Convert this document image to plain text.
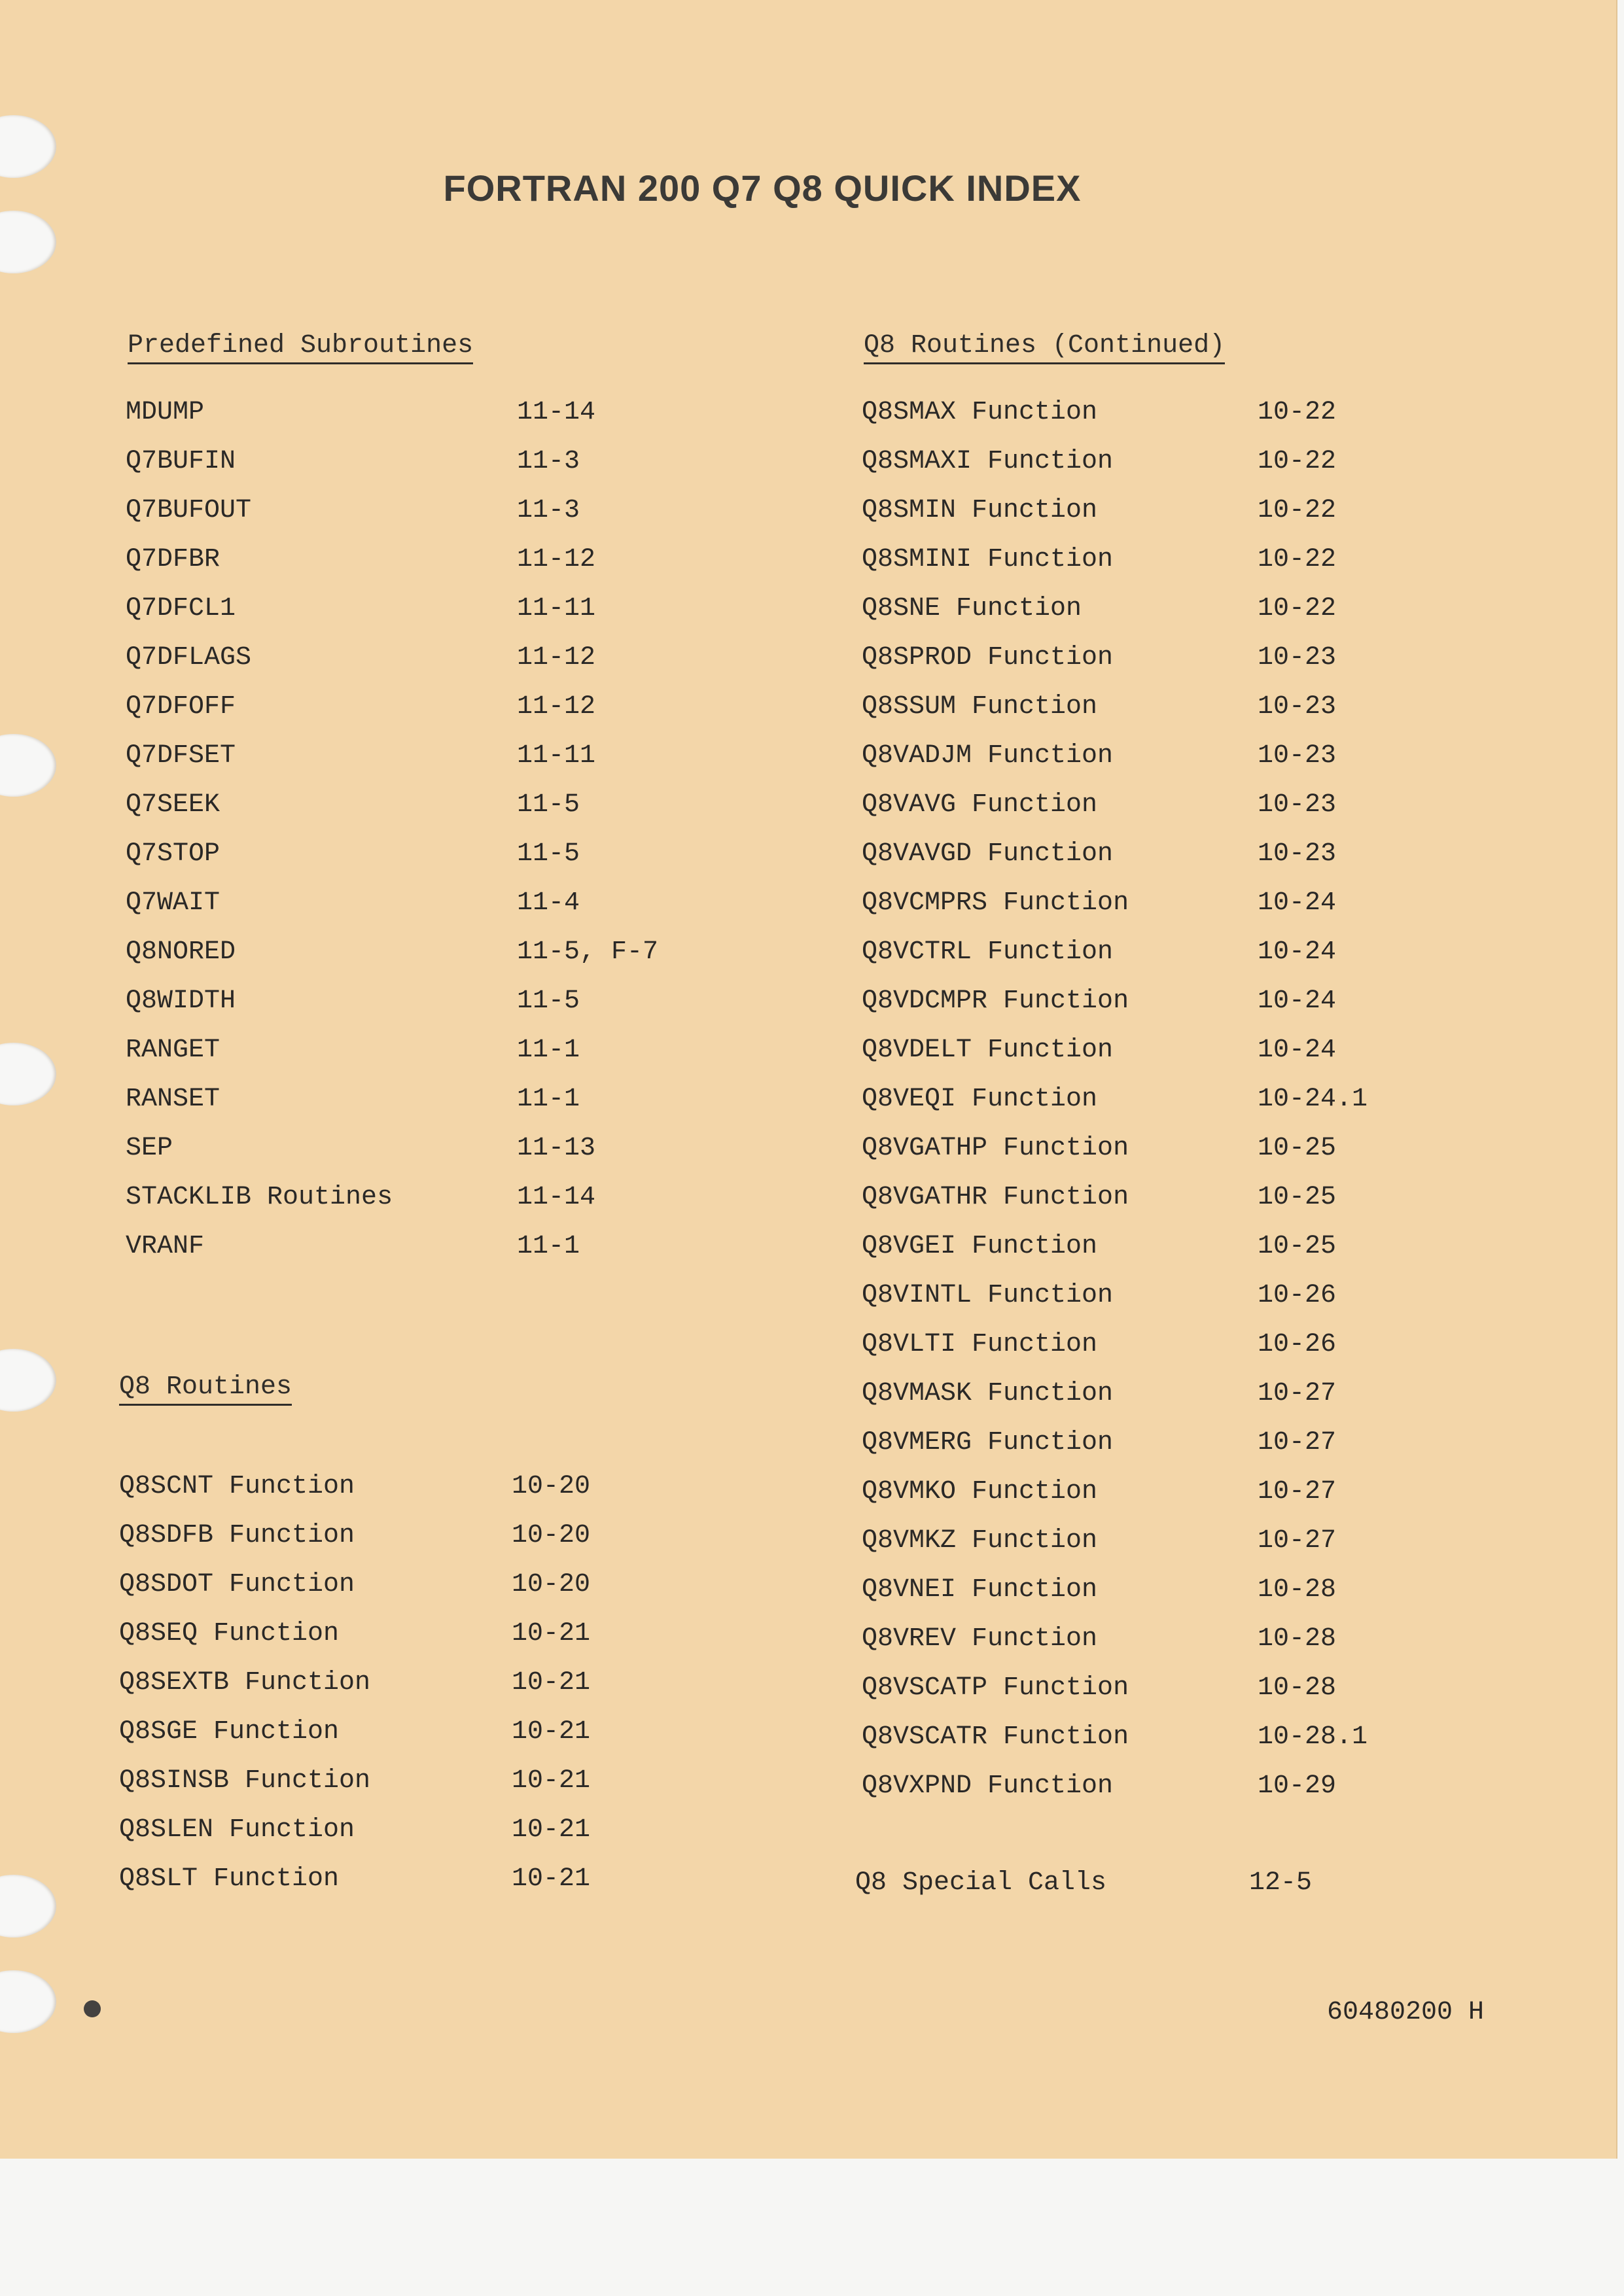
FORTRAN 200 Q7 Q8 QUICK INDEX
Predefined Subroutines
MDUMP	11-14
Q7BUFIN	11-3
Q7BUFOUT	11-3
Q7DFBR	11-12
Q7DFCL1	11-11
Q7DFLAGS	11-12
Q7DFOFF	11-12
Q7DFSET	11-11
Q7SEEK	11-5
Q7STOP	11-5
Q7WAIT	11-4
Q8NORED	11-5, F-7
Q8WIDTH	11-5
RANGET	11-1
RANSET	11-1
SEP	11-13
STACKLIB Routines	11-14
VRANF	11-1
Q8 Routines
Q8SCNT Function	10-20
Q8SDFB Function	10-20
Q8SDOT Function	10-20
Q8SEQ Function	10-21
Q8SEXTB Function	10-21
Q8SGE Function	10-21
Q8SINSB Function	10-21
Q8SLEN Function	10-21
Q8SLT Function	10-21
Q8 Routines (Continued)
Q8SMAX Function	10-22
Q8SMAXI Function	10-22
Q8SMIN Function	10-22
Q8SMINI Function	10-22
Q8SNE Function	10-22
Q8SPROD Function	10-23
Q8SSUM Function	10-23
Q8VADJM Function	10-23
Q8VAVG Function	10-23
Q8VAVGD Function	10-23
Q8VCMPRS Function	10-24
Q8VCTRL Function	10-24
Q8VDCMPR Function	10-24
Q8VDELT Function	10-24
Q8VEQI Function	10-24.1
Q8VGATHP Function	10-25
Q8VGATHR Function	10-25
Q8VGEI Function	10-25
Q8VINTL Function	10-26
Q8VLTI Function	10-26
Q8VMASK Function	10-27
Q8VMERG Function	10-27
Q8VMKO Function	10-27
Q8VMKZ Function	10-27
Q8VNEI Function	10-28
Q8VREV Function	10-28
Q8VSCATP Function	10-28
Q8VSCATR Function	10-28.1
Q8VXPND Function	10-29
Q8 Special Calls	12-5
60480200 H
